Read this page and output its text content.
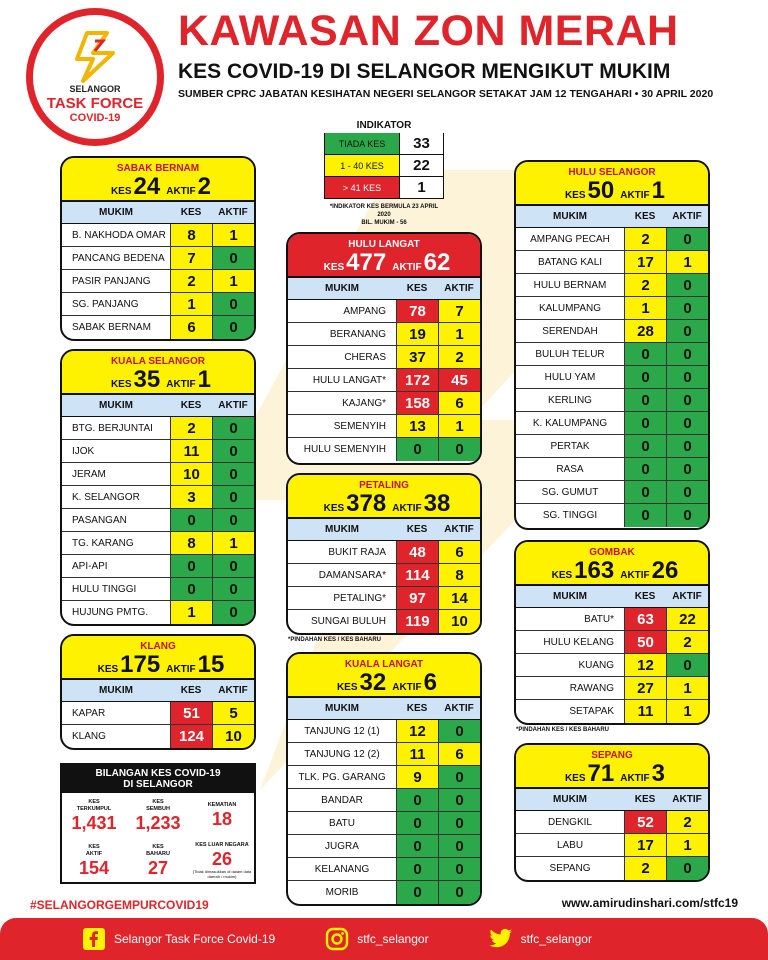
SELANGOR
TASK FORCE
COVID-19
KAWASAN ZON MERAH
KES COVID-19 DI SELANGOR MENGIKUT MUKIM
SUMBER CPRC JABATAN KESIHATAN NEGERI SELANGOR SETAKAT JAM 12 TENGAHARI • 30 APRIL 2020
INDIKATOR
TIADA KES	33
1 - 40 KES	22
> 41 KES	1
*INDIKATOR KES BERMULA 23 APRIL 2020
BIL. MUKIM - 56
SABAK BERNAM
KES 24 AKTIF 2
MUKIM	KES	AKTIF
B. NAKHODA OMAR	8	1
PANCANG BEDENA	7	0
PASIR PANJANG	2	1
SG. PANJANG	1	0
SABAK BERNAM	6	0
KUALA SELANGOR
KES 35 AKTIF 1
MUKIM	KES	AKTIF
BTG. BERJUNTAI	2	0
IJOK	11	0
JERAM	10	0
K. SELANGOR	3	0
PASANGAN	0	0
TG. KARANG	8	1
API-API	0	0
HULU TINGGI	0	0
HUJUNG PMTG.	1	0
KLANG
KES 175 AKTIF 15
MUKIM	KES	AKTIF
KAPAR	51	5
KLANG	124	10
HULU LANGAT
KES 477 AKTIF 62
MUKIM	KES	AKTIF
AMPANG	78	7
BERANANG	19	1
CHERAS	37	2
HULU LANGAT*	172	45
KAJANG*	158	6
SEMENYIH	13	1
HULU SEMENYIH	0	0
PETALING
KES 378 AKTIF 38
MUKIM	KES	AKTIF
BUKIT RAJA	48	6
DAMANSARA*	114	8
PETALING*	97	14
SUNGAI BULUH	119	10
*PINDAHAN KES / KES BAHARU
KUALA LANGAT
KES 32 AKTIF 6
MUKIM	KES	AKTIF
TANJUNG 12 (1)	12	0
TANJUNG 12 (2)	11	6
TLK. PG. GARANG	9	0
BANDAR	0	0
BATU	0	0
JUGRA	0	0
KELANANG	0	0
MORIB	0	0
HULU SELANGOR
KES 50 AKTIF 1
MUKIM	KES	AKTIF
AMPANG PECAH	2	0
BATANG KALI	17	1
HULU BERNAM	2	0
KALUMPANG	1	0
SERENDAH	28	0
BULUH TELUR	0	0
HULU YAM	0	0
KERLING	0	0
K. KALUMPANG	0	0
PERTAK	0	0
RASA	0	0
SG. GUMUT	0	0
SG. TINGGI	0	0
GOMBAK
KES 163 AKTIF 26
MUKIM	KES	AKTIF
BATU*	63	22
HULU KELANG	50	2
KUANG	12	0
RAWANG	27	1
SETAPAK	11	1
*PINDAHAN KES / KES BAHARU
SEPANG
KES 71 AKTIF 3
MUKIM	KES	AKTIF
DENGKIL	52	2
LABU	17	1
SEPANG	2	0
BILANGAN KES COVID-19
DI SELANGOR
KES
TERKUMPUL
1,431
KES
SEMBUH
1,233
KEMATIAN
18
KES
AKTIF
154
KES
BAHARU
27
KES LUAR NEGARA
26
(Tidak dimasukkan di dalam data daerah / mukim)
#SELANGORGEMPURCOVID19	www.amirudinshari.com/stfc19
Selangor Task Force Covid-19	stfc_selangor	stfc_selangor
